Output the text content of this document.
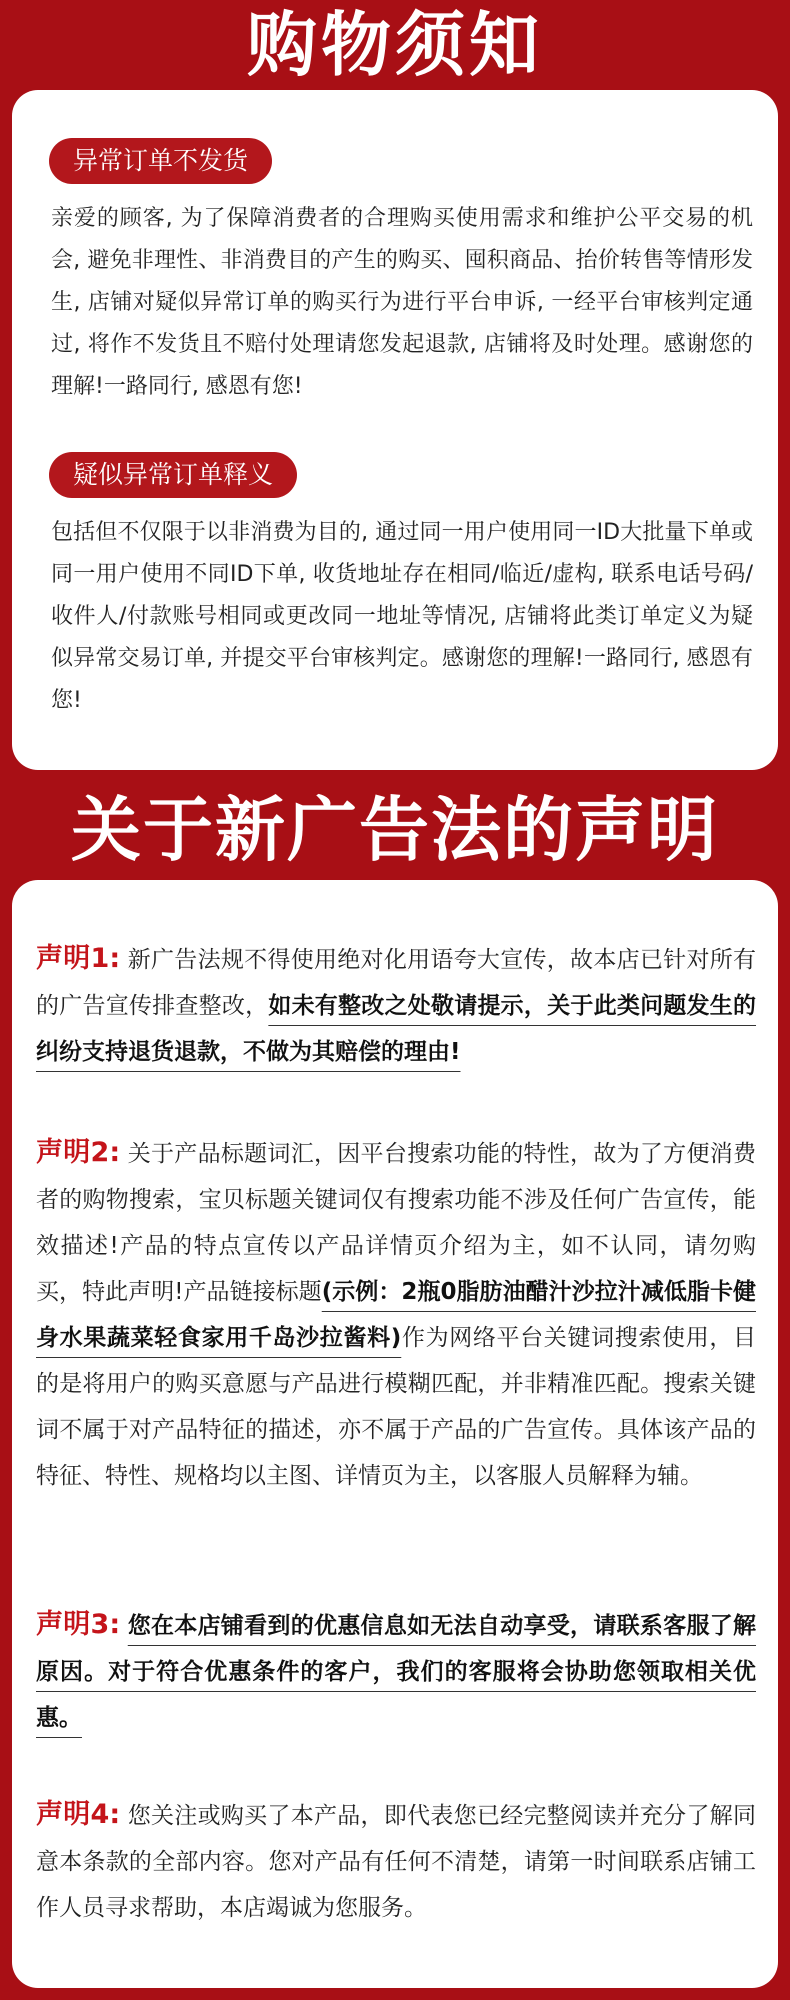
购物须知
异常订单不发货
亲爱的顾客, 为了保障消费者的合理购买使用需求和维护公平交易的机会, 避免非理性、非消费目的产生的购买、囤积商品、抬价转售等情形发生, 店铺对疑似异常订单的购买行为进行平台申诉, 一经平台审核判定通过, 将作不发货且不赔付处理请您发起退款, 店铺将及时处理。感谢您的理解!一路同行, 感恩有您!
疑似异常订单释义
包括但不仅限于以非消费为目的, 通过同一用户使用同一ID大批量下单或同一用户使用不同ID下单, 收货地址存在相同/临近/虚构, 联系电话号码/收件人/付款账号相同或更改同一地址等情况, 店铺将此类订单定义为疑似异常交易订单, 并提交平台审核判定。感谢您的理解!一路同行, 感恩有您!
关于新广告法的声明
声明1: 新广告法规不得使用绝对化用语夸大宣传，故本店已针对所有的广告宣传排查整改，如未有整改之处敬请提示，关于此类问题发生的纠纷支持退货退款，不做为其赔偿的理由!
声明2: 关于产品标题词汇，因平台搜索功能的特性，故为了方便消费者的购物搜索，宝贝标题关键词仅有搜索功能不涉及任何广告宣传，能效描述!产品的特点宣传以产品详情页介绍为主，如不认同，请勿购买，特此声明!产品链接标题(示例：2瓶0脂肪油醋汁沙拉汁减低脂卡健身水果蔬菜轻食家用千岛沙拉酱料)作为网络平台关键词搜索使用，目的是将用户的购买意愿与产品进行模糊匹配，并非精准匹配。搜索关键词不属于对产品特征的描述，亦不属于产品的广告宣传。具体该产品的特征、特性、规格均以主图、详情页为主，以客服人员解释为辅。
声明3: 您在本店铺看到的优惠信息如无法自动享受，请联系客服了解原因。对于符合优惠条件的客户，我们的客服将会协助您领取相关优惠。
声明4: 您关注或购买了本产品，即代表您已经完整阅读并充分了解同意本条款的全部内容。您对产品有任何不清楚，请第一时间联系店铺工作人员寻求帮助，本店竭诚为您服务。
